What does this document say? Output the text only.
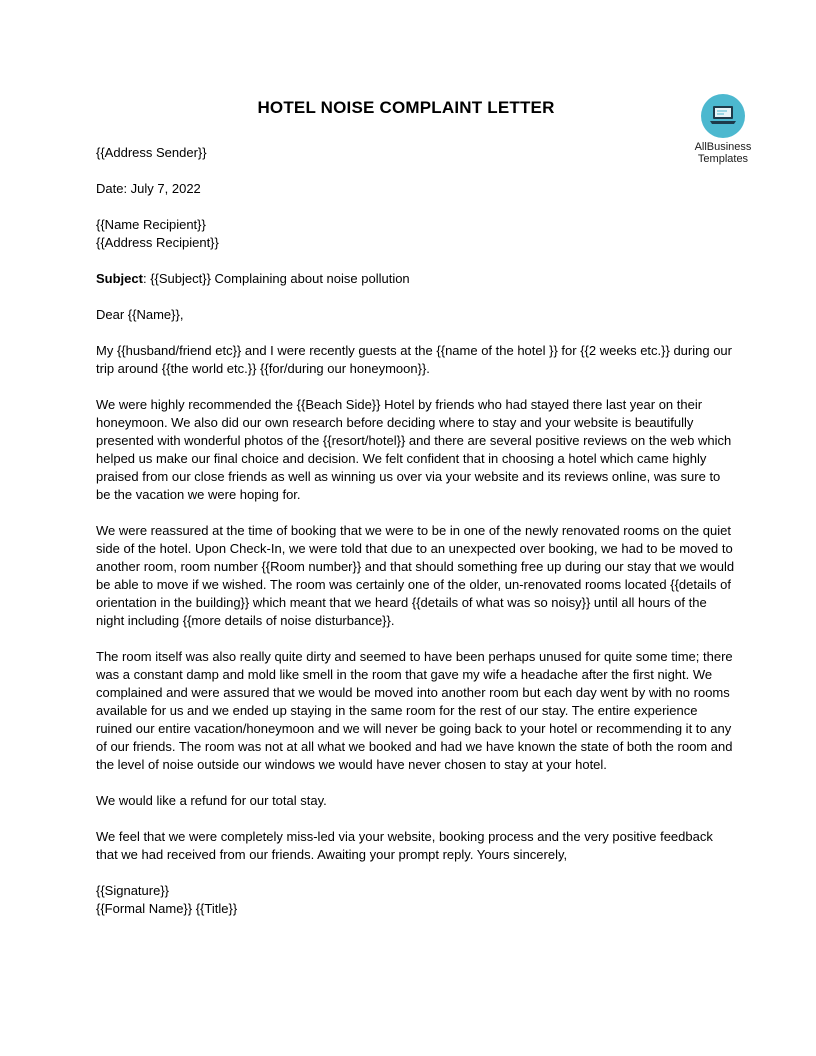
HOTEL NOISE COMPLAINT LETTER
AllBusiness
Templates

{{Address Sender}}

Date: July 7, 2022

{{Name Recipient}}

{{Address Recipient}}

Subject: {{Subject}} Complaining about noise pollution

Dear {{Name}},

My {{husband/friend etc}} and I were recently guests at the {{name of the hotel }} for {{2 weeks etc.}} during our trip around {{the world etc.}} {{for/during our honeymoon}}.

We were highly recommended the {{Beach Side}} Hotel by friends who had stayed there last year on their honeymoon. We also did our own research before deciding where to stay and your website is beautifully presented with wonderful photos of the {{resort/hotel}} and there are several positive reviews on the web which helped us make our final choice and decision. We felt confident that in choosing a hotel which came highly praised from our close friends as well as winning us over via your website and its reviews online, was sure to be the vacation we were hoping for.

We were reassured at the time of booking that we were to be in one of the newly renovated rooms on the quiet side of the hotel. Upon Check-In, we were told that due to an unexpected over booking, we had to be moved to another room, room number {{Room number}} and that should something free up during our stay that we would be able to move if we wished. The room was certainly one of the older, un-renovated rooms located {{details of orientation in the building}} which meant that we heard {{details of what was so noisy}} until all hours of the night including {{more details of noise disturbance}}.

The room itself was also really quite dirty and seemed to have been perhaps unused for quite some time; there was a constant damp and mold like smell in the room that gave my wife a headache after the first night. We complained and were assured that we would be moved into another room but each day went by with no rooms available for us and we ended up staying in the same room for the rest of our stay. The entire experience ruined our entire vacation/honeymoon and we will never be going back to your hotel or recommending it to any of our friends. The room was not at all what we booked and had we have known the state of both the room and the level of noise outside our windows we would have never chosen to stay at your hotel.

We would like a refund for our total stay.

We feel that we were completely miss-led via your website, booking process and the very positive feedback that we had received from our friends. Awaiting your prompt reply. Yours sincerely,

{{Signature}}

{{Formal Name}} {{Title}}
